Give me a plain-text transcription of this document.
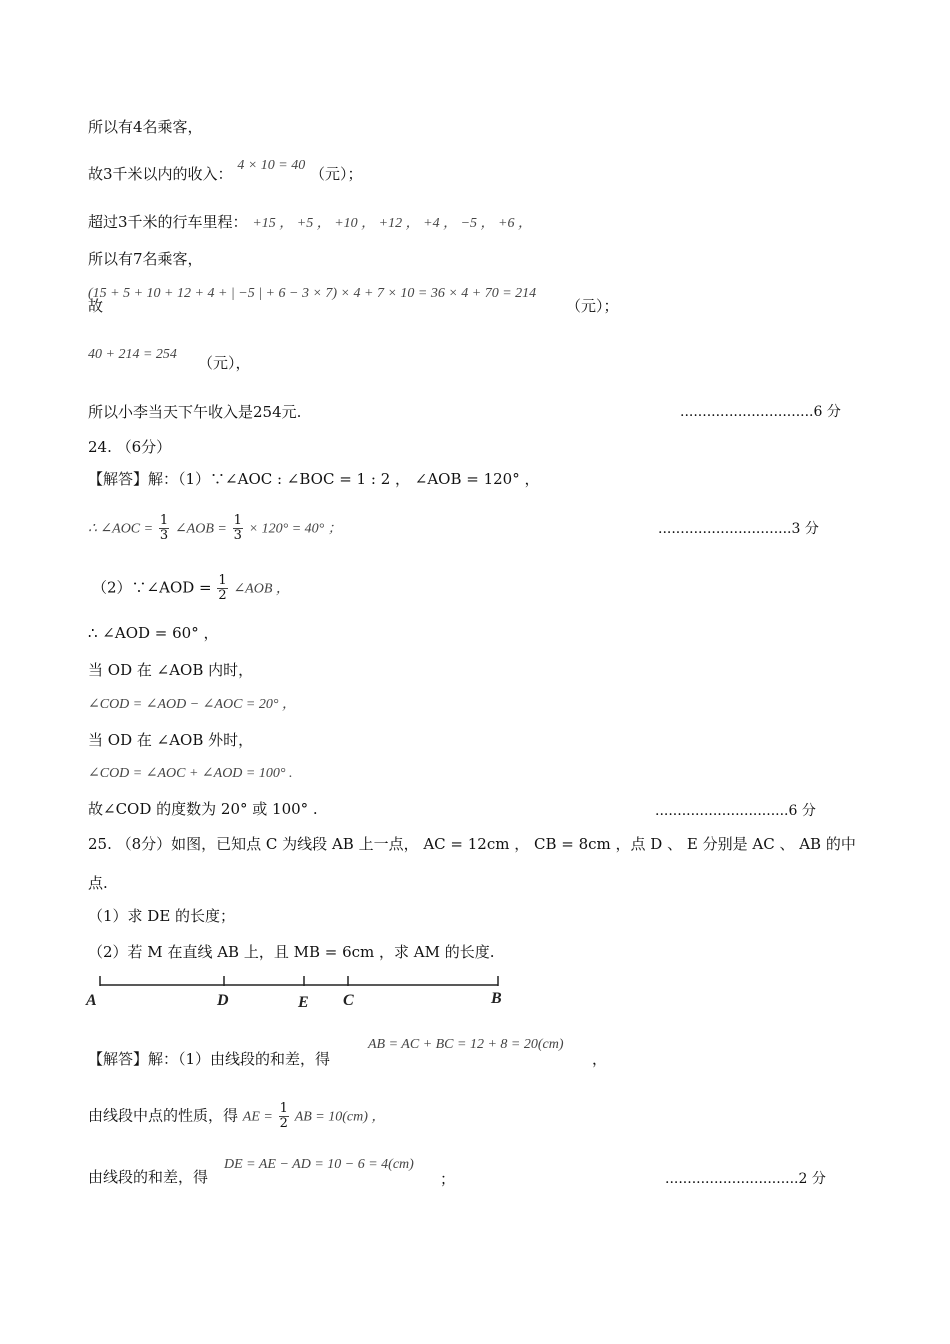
所以有4名乘客，
故3千米以内的收入： 4 × 10 = 40 （元）；
超过3千米的行车里程： +15 ， +5 ， +10 ， +12 ， +4 ， −5 ， +6 ，
所以有7名乘客，
(15 + 5 + 10 + 12 + 4 + | −5 | + 6 − 3 × 7) × 4 + 7 × 10 = 36 × 4 + 70 = 214
故	（元）；
40 + 214 = 254 （元），
所以小李当天下午收入是254元.	..............................6 分
24. （6分）
【解答】解：（1）∵∠AOC : ∠BOC = 1 : 2 ， ∠AOB = 120° ，
∴ ∠AOC = $\frac{1}{3}$ ∠AOB = $\frac{1}{3} \times 120^\circ = 40^\circ$ ；	..............................3 分
（2）∵∠AOD = $\frac{1}{2}$ ∠AOB ，
∴ ∠AOD = 60° ，
当 OD 在 ∠AOB 内时，
∠COD = ∠AOD − ∠AOC = 20° ，
当 OD 在 ∠AOB 外时，
∠COD = ∠AOC + ∠AOD = 100° .
故∠COD 的度数为 20° 或 100° .	..............................6 分
25. （8分）如图，已知点 C 为线段 AB 上一点， AC = 12cm ， CB = 8cm ，点 D 、 E 分别是 AC 、 AB 的中
点.
（1）求 DE 的长度；
（2）若 M 在直线 AB 上，且 MB = 6cm ，求 AM 的长度.
A	D	E C	B
AB = AC + BC = 12 + 8 = 20(cm)
【解答】解：（1）由线段的和差，得	，
由线段中点的性质，得 AE = $\frac{1}{2}$ AB = 10(cm) ，
DE = AE − AD = 10 − 6 = 4(cm)
由线段的和差，得	；	..............................2 分
